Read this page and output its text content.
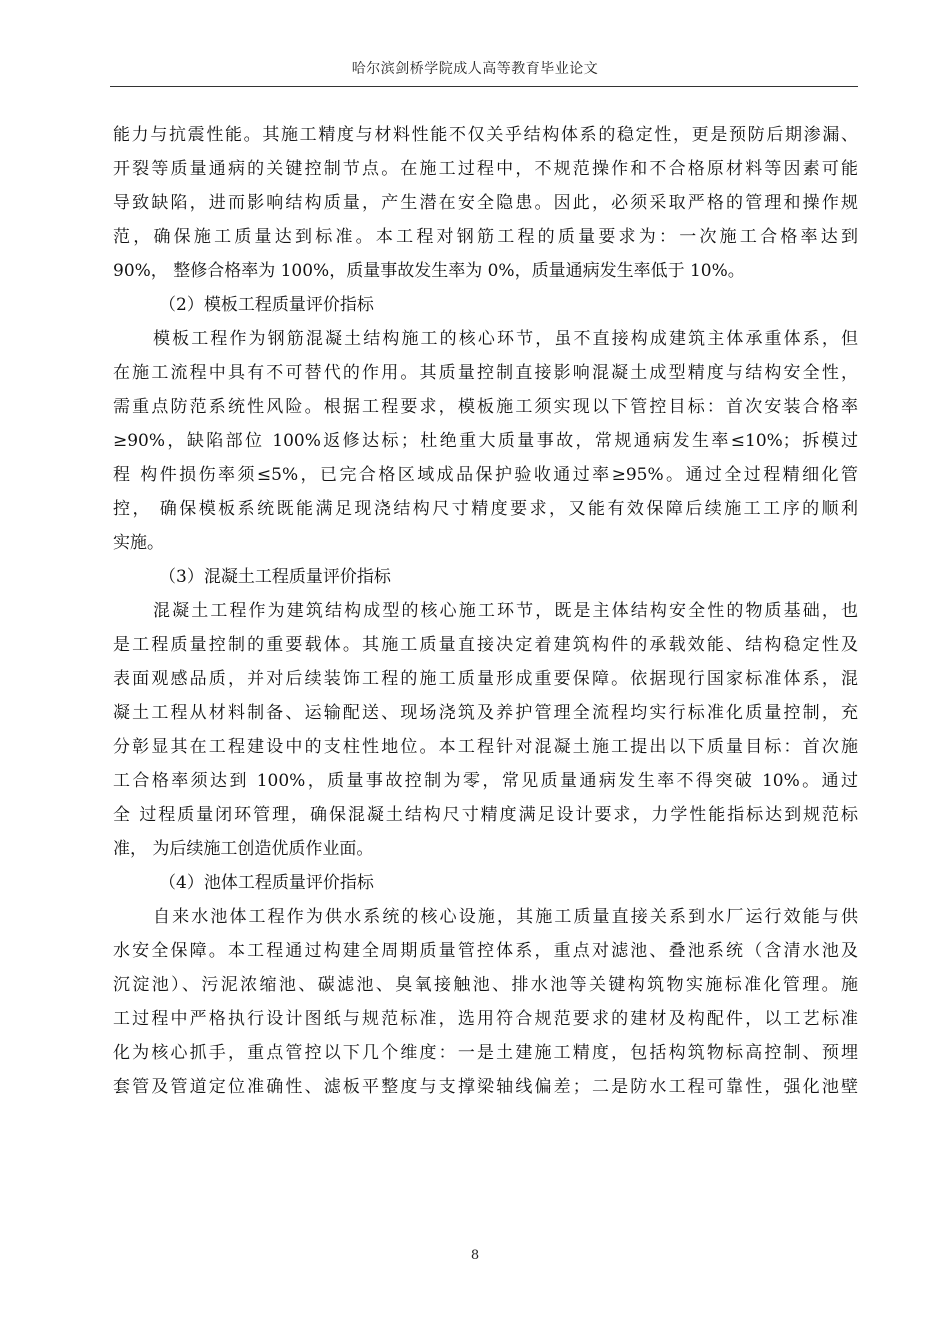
哈尔滨剑桥学院成人高等教育毕业论文
能力与抗震性能。其施工精度与材料性能不仅关乎结构体系的稳定性，更是预防后期渗漏、
开裂等质量通病的关键控制节点。在施工过程中，不规范操作和不合格原材料等因素可能
导致缺陷，进而影响结构质量，产生潜在安全隐患。因此，必须采取严格的管理和操作规
范，确保施工质量达到标准。本工程对钢筋工程的质量要求为：一次施工合格率达到
90%， 整修合格率为 100%，质量事故发生率为 0%，质量通病发生率低于 10%。
（2）模板工程质量评价指标
模板工程作为钢筋混凝土结构施工的核心环节，虽不直接构成建筑主体承重体系，但
在施工流程中具有不可替代的作用。其质量控制直接影响混凝土成型精度与结构安全性，
需重点防范系统性风险。根据工程要求，模板施工须实现以下管控目标：首次安装合格率
≥90%，缺陷部位 100%返修达标；杜绝重大质量事故，常规通病发生率≤10%；拆模过
程 构件损伤率须≤5%，已完合格区域成品保护验收通过率≥95%。通过全过程精细化管
控， 确保模板系统既能满足现浇结构尺寸精度要求，又能有效保障后续施工工序的顺利
实施。
（3）混凝土工程质量评价指标
混凝土工程作为建筑结构成型的核心施工环节，既是主体结构安全性的物质基础，也
是工程质量控制的重要载体。其施工质量直接决定着建筑构件的承载效能、结构稳定性及
表面观感品质，并对后续装饰工程的施工质量形成重要保障。依据现行国家标准体系，混
凝土工程从材料制备、运输配送、现场浇筑及养护管理全流程均实行标准化质量控制，充
分彰显其在工程建设中的支柱性地位。本工程针对混凝土施工提出以下质量目标：首次施
工合格率须达到 100%，质量事故控制为零，常见质量通病发生率不得突破 10%。通过
全 过程质量闭环管理，确保混凝土结构尺寸精度满足设计要求，力学性能指标达到规范标
准， 为后续施工创造优质作业面。
（4）池体工程质量评价指标
自来水池体工程作为供水系统的核心设施，其施工质量直接关系到水厂运行效能与供
水安全保障。本工程通过构建全周期质量管控体系，重点对滤池、叠池系统（含清水池及
沉淀池）、污泥浓缩池、碳滤池、臭氧接触池、排水池等关键构筑物实施标准化管理。施
工过程中严格执行设计图纸与规范标准，选用符合规范要求的建材及构配件，以工艺标准
化为核心抓手，重点管控以下几个维度：一是土建施工精度，包括构筑物标高控制、预埋
套管及管道定位准确性、滤板平整度与支撑梁轴线偏差；二是防水工程可靠性，强化池壁
8
